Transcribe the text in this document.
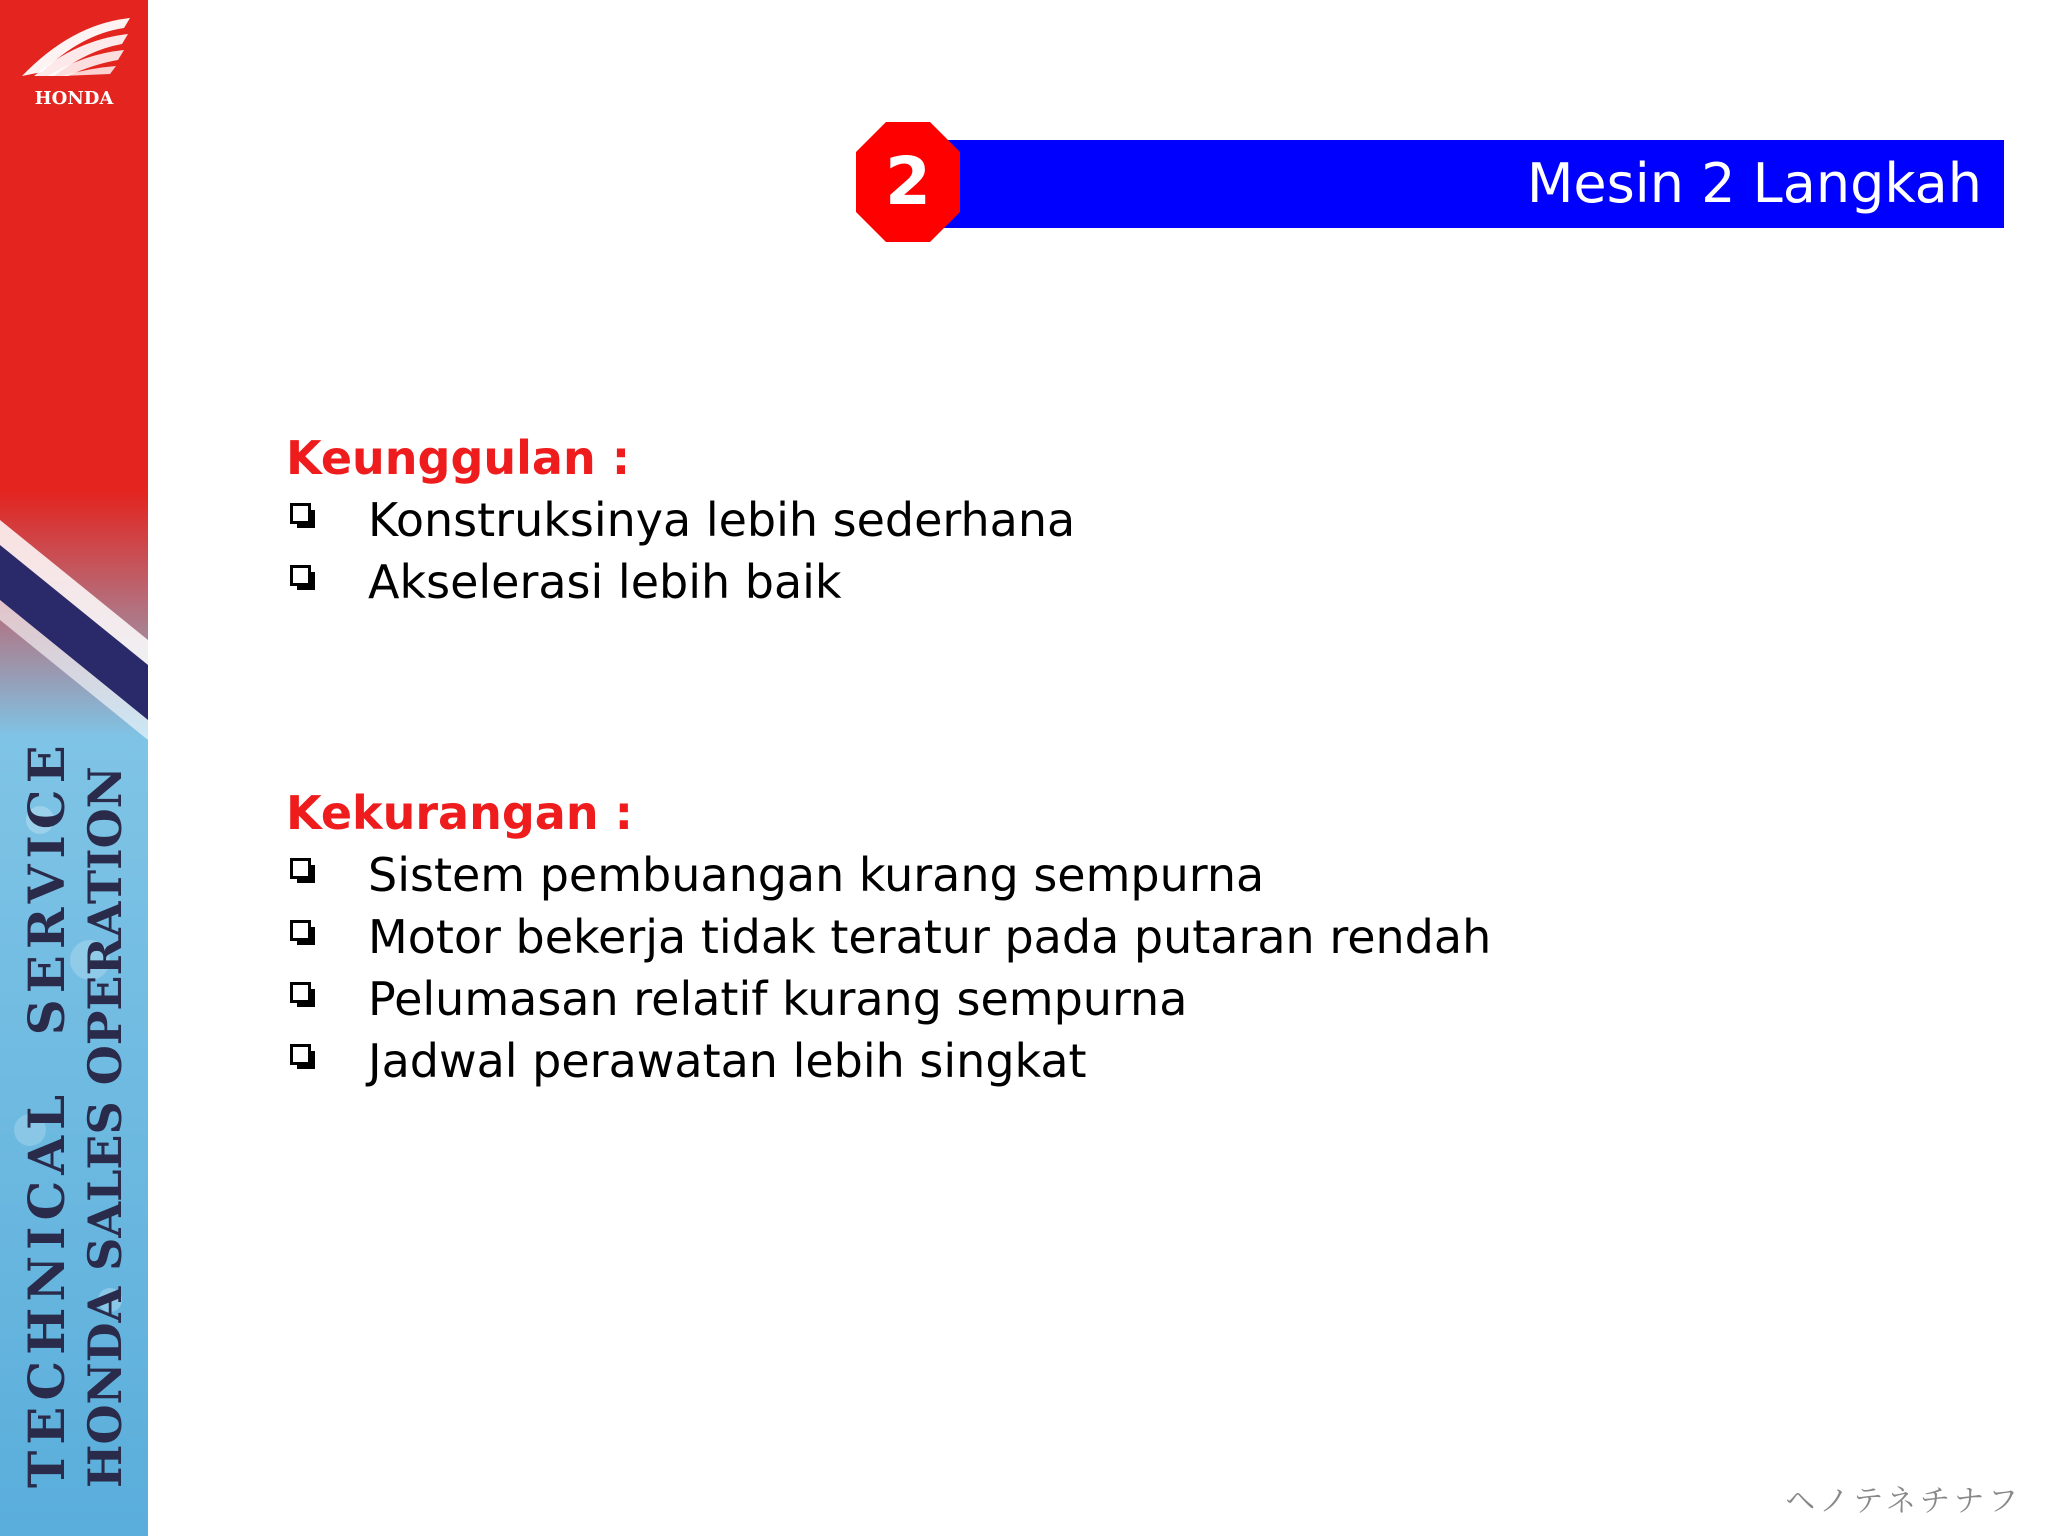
HONDA
TECHNICAL SERVICE HONDA SALES OPERATION
Mesin 2 Langkah
2
Keunggulan :
Konstruksinya lebih sederhana
Akselerasi lebih baik
Kekurangan :
Sistem pembuangan kurang sempurna
Motor bekerja tidak teratur pada putaran rendah
Pelumasan relatif kurang sempurna
Jadwal perawatan lebih singkat
ヘノテネチナフ
